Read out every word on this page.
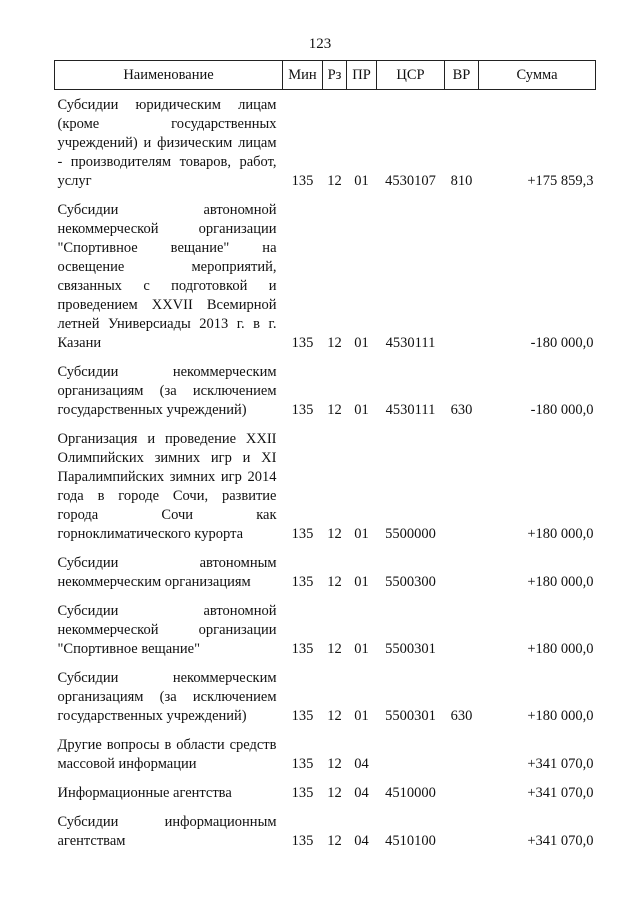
123
Наименование	Мин	Рз	ПР	ЦСР	ВР	Сумма
Субсидии юридическим лицам (кроме государственных учреждений) и физическим лицам - производителям товаров, работ, услуг	135	12	01	4530107	810	+175 859,3
Субсидии автономной некоммерческой организации "Спортивное вещание" на освещение мероприятий, связанных с подготовкой и проведением XXVII Всемирной летней Универсиады 2013 г. в г. Казани	135	12	01	4530111		-180 000,0
Субсидии некоммерческим организациям (за исключением государственных учреждений)	135	12	01	4530111	630	-180 000,0
Организация и проведение XXII Олимпийских зимних игр и XI Паралимпийских зимних игр 2014 года в городе Сочи, развитие города Сочи как горноклиматического курорта	135	12	01	5500000		+180 000,0
Субсидии автономным некоммерческим организациям	135	12	01	5500300		+180 000,0
Субсидии автономной некоммерческой организации "Спортивное вещание"	135	12	01	5500301		+180 000,0
Субсидии некоммерческим организациям (за исключением государственных учреждений)	135	12	01	5500301	630	+180 000,0
Другие вопросы в области средств массовой информации	135	12	04			+341 070,0
Информационные агентства	135	12	04	4510000		+341 070,0
Субсидии информационным агентствам	135	12	04	4510100		+341 070,0
